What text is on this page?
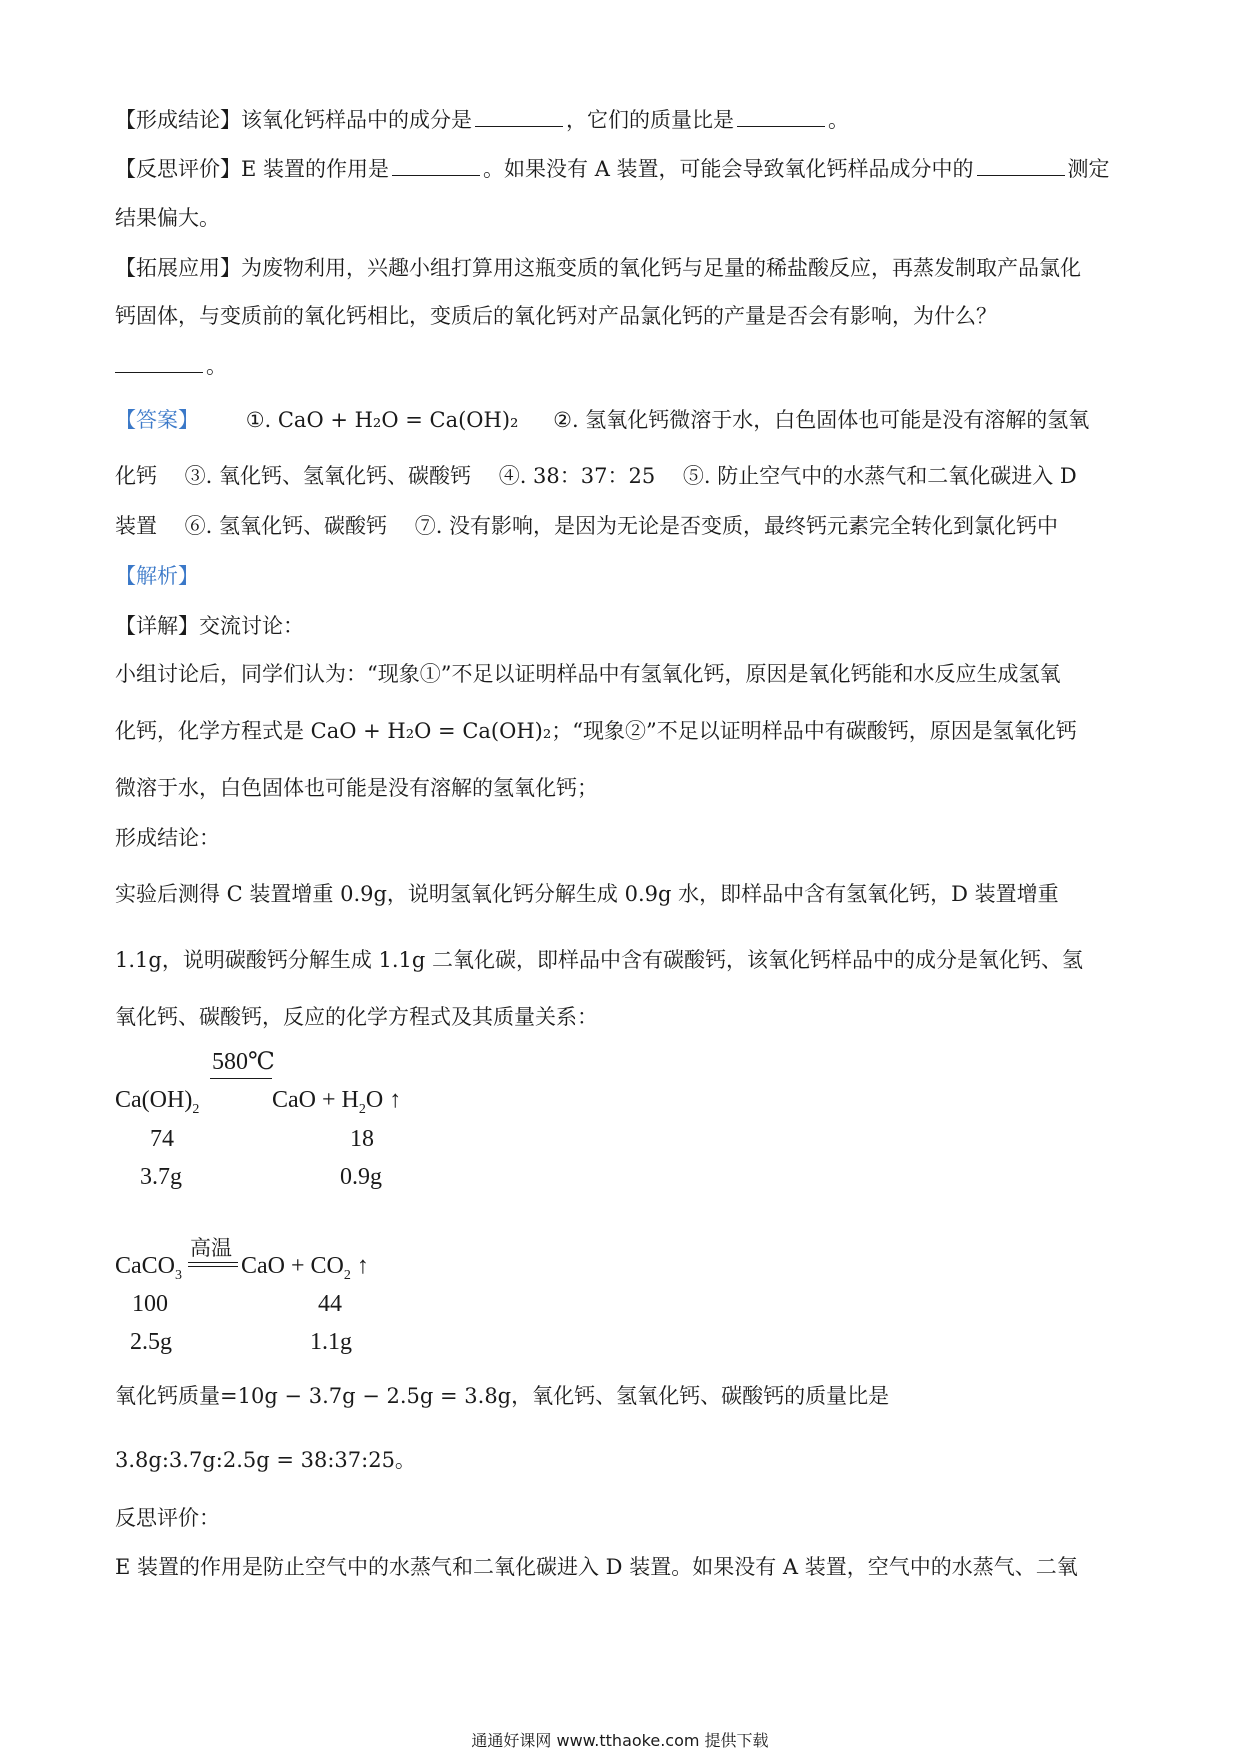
【形成结论】该氧化钙样品中的成分是	，它们的质量比是	。
【反思评价】E 装置的作用是	。如果没有 A 装置，可能会导致氧化钙样品成分中的	测定
结果偏大。
【拓展应用】为废物利用，兴趣小组打算用这瓶变质的氧化钙与足量的稀盐酸反应，再蒸发制取产品氯化
钙固体，与变质前的氧化钙相比，变质后的氧化钙对产品氯化钙的产量是否会有影响，为什么？
。
【答案】 ①. CaO + H₂O = Ca(OH)₂ ②. 氢氧化钙微溶于水，白色固体也可能是没有溶解的氢氧
化钙　 ③. 氧化钙、氢氧化钙、碳酸钙　 ④. 38：37：25　 ⑤. 防止空气中的水蒸气和二氧化碳进入 D
装置　 ⑥. 氢氧化钙、碳酸钙　 ⑦. 没有影响，是因为无论是否变质，最终钙元素完全转化到氯化钙中
【解析】
【详解】交流讨论：
小组讨论后，同学们认为：“现象①”不足以证明样品中有氢氧化钙，原因是氧化钙能和水反应生成氢氧
化钙，化学方程式是 CaO + H₂O = Ca(OH)₂；“现象②”不足以证明样品中有碳酸钙，原因是氢氧化钙
微溶于水，白色固体也可能是没有溶解的氢氧化钙；
形成结论：
实验后测得 C 装置增重 0.9g，说明氢氧化钙分解生成 0.9g 水，即样品中含有氢氧化钙，D 装置增重
1.1g，说明碳酸钙分解生成 1.1g 二氧化碳，即样品中含有碳酸钙，该氧化钙样品中的成分是氧化钙、氢
氧化钙、碳酸钙，反应的化学方程式及其质量关系：
580℃
$Ca(OH)_2$	CaO + $H_2O$ ↑
74	18
3.7g	0.9g
高温
CaCO$_3$ CaO + $CO_2$ ↑
100	44
2.5g	1.1g
氧化钙质量=10g − 3.7g − 2.5g = 3.8g，氧化钙、氢氧化钙、碳酸钙的质量比是
3.8g:3.7g:2.5g = 38:37:25。
反思评价：
E 装置的作用是防止空气中的水蒸气和二氧化碳进入 D 装置。如果没有 A 装置，空气中的水蒸气、二氧
通通好课网 www.tthaoke.com 提供下载
